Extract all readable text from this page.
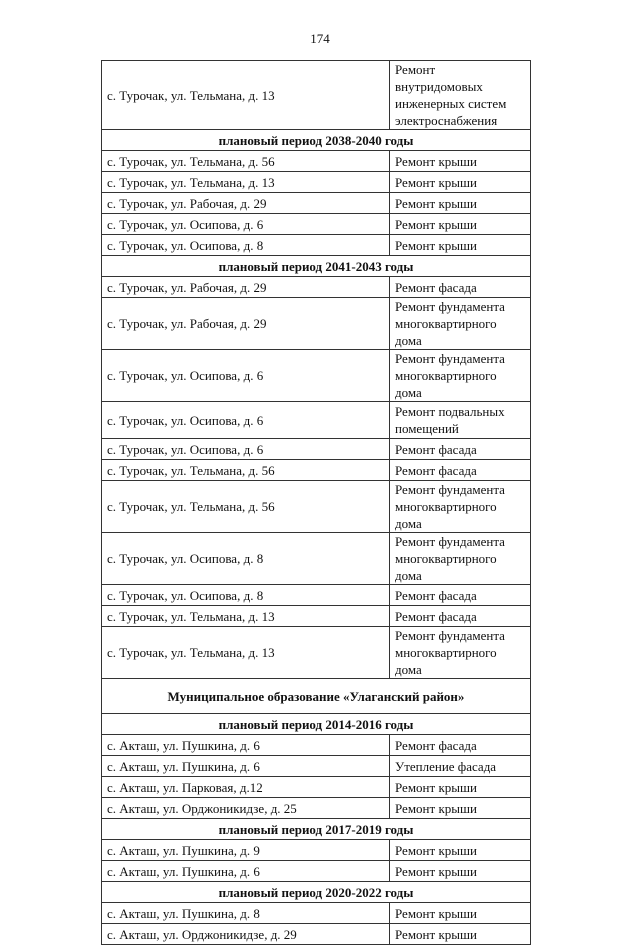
174
с. Турочак, ул. Тельмана, д. 13	Ремонт внутридомовых инженерных систем электроснабжения
плановый период 2038-2040 годы	
с. Турочак, ул. Тельмана, д. 56	Ремонт крыши
с. Турочак, ул. Тельмана, д. 13	Ремонт крыши
с. Турочак, ул. Рабочая, д. 29	Ремонт крыши
с. Турочак, ул. Осипова, д. 6	Ремонт крыши
с. Турочак, ул. Осипова, д. 8	Ремонт крыши
плановый период 2041-2043 годы	
с. Турочак, ул. Рабочая, д. 29	Ремонт фасада
с. Турочак, ул. Рабочая, д. 29	Ремонт фундамента многоквартирного дома
с. Турочак, ул. Осипова, д. 6	Ремонт фундамента многоквартирного дома
с. Турочак, ул. Осипова, д. 6	Ремонт подвальных помещений
с. Турочак, ул. Осипова, д. 6	Ремонт фасада
с. Турочак, ул. Тельмана, д. 56	Ремонт фасада
с. Турочак, ул. Тельмана, д. 56	Ремонт фундамента многоквартирного дома
с. Турочак, ул. Осипова, д. 8	Ремонт фундамента многоквартирного дома
с. Турочак, ул. Осипова, д. 8	Ремонт фасада
с. Турочак, ул. Тельмана, д. 13	Ремонт фасада
с. Турочак, ул. Тельмана, д. 13	Ремонт фундамента многоквартирного дома
Муниципальное образование «Улаганский район»	
плановый период 2014-2016 годы	
с. Акташ, ул. Пушкина, д. 6	Ремонт фасада
с. Акташ, ул. Пушкина, д. 6	Утепление фасада
с. Акташ, ул. Парковая, д.12	Ремонт крыши
с. Акташ, ул. Орджоникидзе, д. 25	Ремонт крыши
плановый период 2017-2019 годы	
с. Акташ, ул. Пушкина, д. 9	Ремонт крыши
с. Акташ, ул. Пушкина, д. 6	Ремонт крыши
плановый период 2020-2022 годы	
с. Акташ, ул. Пушкина, д. 8	Ремонт крыши
с. Акташ, ул. Орджоникидзе, д. 29	Ремонт крыши
